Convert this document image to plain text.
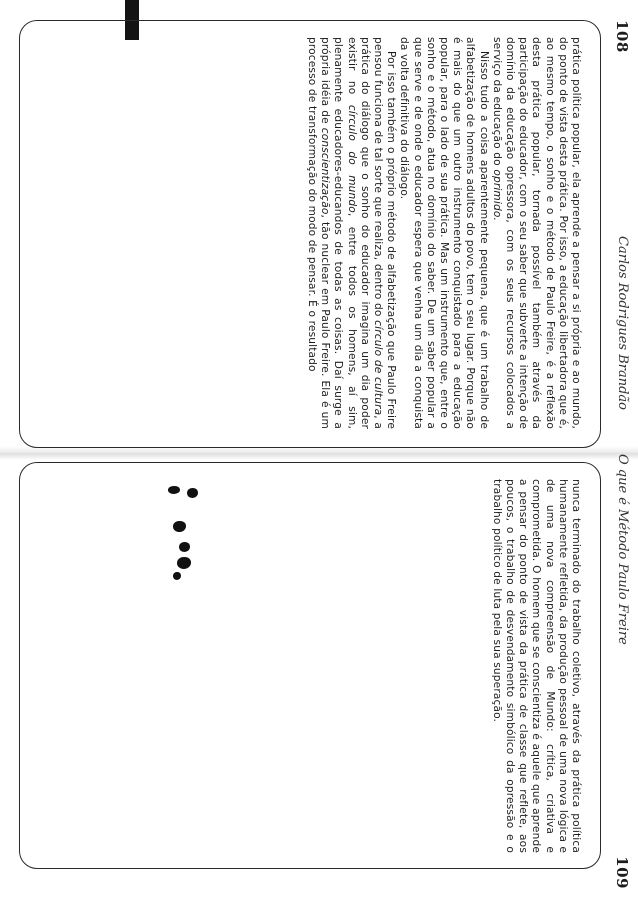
108
Carlos Rodrigues Brandão

prática política popular, ela aprende a pensar a si própria e ao mundo, do ponto de vista desta prática. Por isso, a educação libertadora que é, ao mesmo tempo, o sonho e o método de Paulo Freire, é a reflexão desta prática popular, tornada possível também através da participação do educador, com o seu saber que subverte a intenção de domínio da educação opressora, com os seus recursos colocados a serviço da educação do oprimido.

Nisso tudo a coisa aparentemente pequena, que é um trabalho de alfabetização de homens adultos do povo, tem o seu lugar. Porque não é mais do que um outro instrumento conquistado para a educação popular, para o lado de sua prática. Mas um instrumento que, entre o sonho e o método, atua no domínio do saber. De um saber popular a que serve e de onde o educador espera que venha um dia a conquista da volta definitiva do diálogo.

Por isso também o próprio método de alfabetização que Paulo Freire pensou funciona de tal sorte que realiza, dentro do círculo de cultura, a prática do diálogo que o sonho do educador imagina um dia poder existir no círculo do mundo, entre todos os homens, aí sim, plenamente educadores-educandos de todas as coisas. Daí surge a própria idéia de conscientização, tão nuclear em Paulo Freire. Ela é um processo de transformação do modo de pensar. É o resultado

O que é Método Paulo Freire
109

nunca terminado do trabalho coletivo, através da prática política humanamente refletida, da produção pessoal de uma nova lógica e de uma nova compreensão de Mundo: crítica, criativa e comprometida. O homem que se conscientiza é aquele que aprende a pensar do ponto de vista da prática de classe que reflete, aos poucos, o trabalho de desvendamento simbólico da opressão e o trabalho político de luta pela sua superação.
